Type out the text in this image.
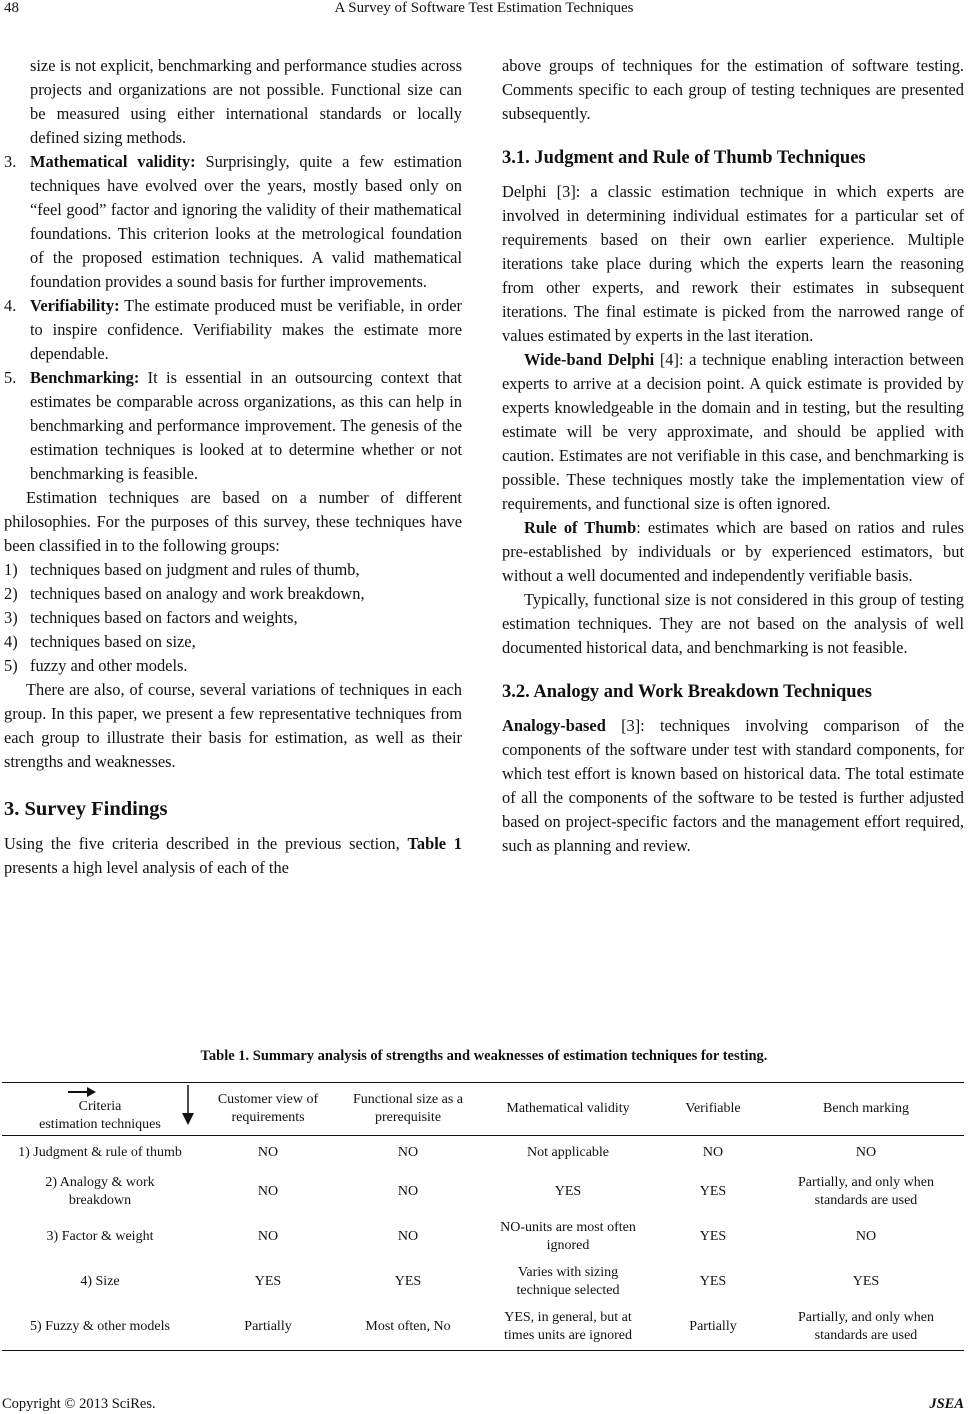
48	A Survey of Software Test Estimation Techniques

size is not explicit, benchmarking and performance studies across projects and organizations are not possible. Functional size can be measured using either international standards or locally defined sizing methods.

3. Mathematical validity: Surprisingly, quite a few estimation techniques have evolved over the years, mostly based only on “feel good” factor and ignoring the validity of their mathematical foundations. This criterion looks at the metrological foundation of the proposed estimation techniques. A valid mathematical foundation provides a sound basis for further improvements.

4. Verifiability: The estimate produced must be verifiable, in order to inspire confidence. Verifiability makes the estimate more dependable.

5. Benchmarking: It is essential in an outsourcing context that estimates be comparable across organizations, as this can help in benchmarking and performance improvement. The genesis of the estimation techniques is looked at to determine whether or not benchmarking is feasible.

Estimation techniques are based on a number of different philosophies. For the purposes of this survey, these techniques have been classified in to the following groups:

1) techniques based on judgment and rules of thumb,

2) techniques based on analogy and work breakdown,

3) techniques based on factors and weights,

4) techniques based on size,

5) fuzzy and other models.

There are also, of course, several variations of techniques in each group. In this paper, we present a few representative techniques from each group to illustrate their basis for estimation, as well as their strengths and weaknesses.

3. Survey Findings

Using the five criteria described in the previous section, Table 1 presents a high level analysis of each of the

above groups of techniques for the estimation of software testing. Comments specific to each group of testing techniques are presented subsequently.

3.1. Judgment and Rule of Thumb Techniques

Delphi [3]: a classic estimation technique in which experts are involved in determining individual estimates for a particular set of requirements based on their own earlier experience. Multiple iterations take place during which the experts learn the reasoning from other experts, and rework their estimates in subsequent iterations. The final estimate is picked from the narrowed range of values estimated by experts in the last iteration.

Wide-band Delphi [4]: a technique enabling interaction between experts to arrive at a decision point. A quick estimate is provided by experts knowledgeable in the domain and in testing, but the resulting estimate will be very approximate, and should be applied with caution. Estimates are not verifiable in this case, and benchmarking is possible. These techniques mostly take the implementation view of requirements, and functional size is often ignored.

Rule of Thumb: estimates which are based on ratios and rules pre-established by individuals or by experienced estimators, but without a well documented and independently verifiable basis.

Typically, functional size is not considered in this group of testing estimation techniques. They are not based on the analysis of well documented historical data, and benchmarking is not feasible.

3.2. Analogy and Work Breakdown Techniques

Analogy-based [3]: techniques involving comparison of the components of the software under test with standard components, for which test effort is known based on historical data. The total estimate of all the components of the software to be tested is further adjusted based on project-specific factors and the management effort required, such as planning and review.

Table 1. Summary analysis of strengths and weaknesses of estimation techniques for testing.
Criteria
estimation techniques	Customer view of requirements	Functional size as a prerequisite	Mathematical validity	Verifiable	Bench marking
1) Judgment & rule of thumb	NO	NO	Not applicable	NO	NO
2) Analogy & work breakdown	NO	NO	YES	YES	Partially, and only when standards are used
3) Factor & weight	NO	NO	NO-units are most often ignored	YES	NO
4) Size	YES	YES	Varies with sizing technique selected	YES	YES
5) Fuzzy & other models	Partially	Most often, No	YES, in general, but at times units are ignored	Partially	Partially, and only when standards are used
Copyright © 2013 SciRes.	JSEA
